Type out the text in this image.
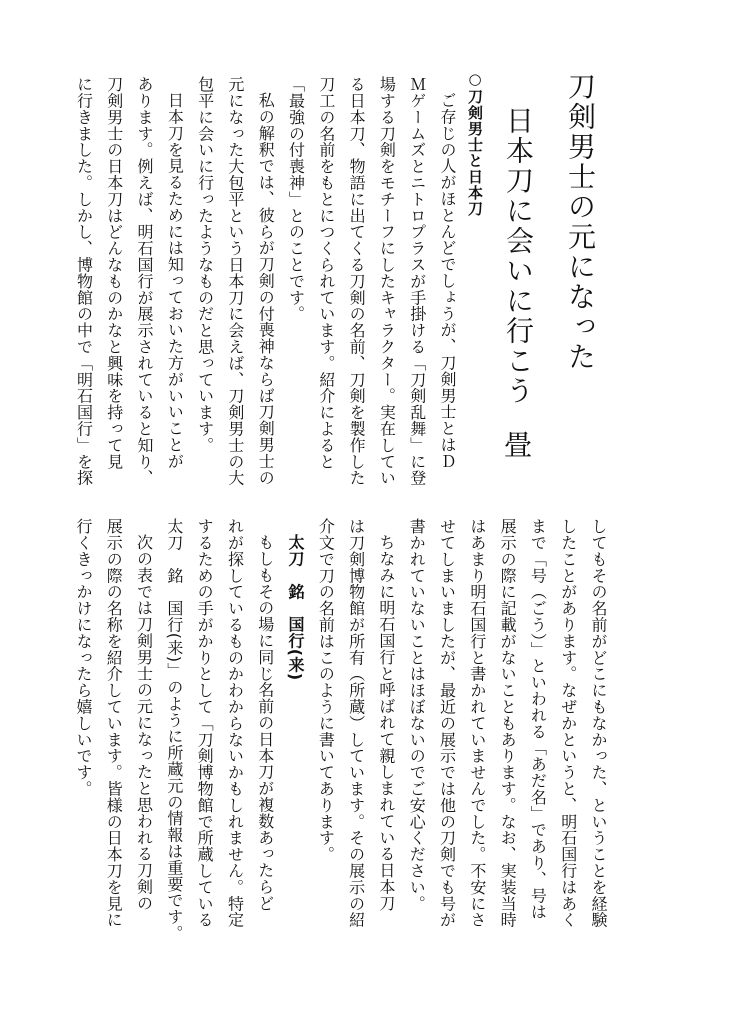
刀剣男士の元になった
日本刀に会いに行こう
畳
○刀剣男士と日本刀
ご存じの人がほとんどでしょうが、刀剣男士とはＤ
Ｍゲームズとニトロプラスが手掛ける「刀剣乱舞」に登
場する刀剣をモチーフにしたキャラクター。実在してい
る日本刀、物語に出てくる刀剣の名前、刀剣を製作した
刀工の名前をもとにつくられています。紹介によると
「最強の付喪神」とのことです。
私の解釈では、彼らが刀剣の付喪神ならば刀剣男士の
元になった大包平という日本刀に会えば、刀剣男士の大
包平に会いに行ったようなものだと思っています。
日本刀を見るためには知っておいた方がいいことが
あります。例えば、明石国行が展示されていると知り、
刀剣男士の日本刀はどんなものかなと興味を持って見
に行きました。しかし、博物館の中で「明石国行」を探
してもその名前がどこにもなかった、ということを経験
したことがあります。なぜかというと、明石国行はあく
まで「号（ごう）」といわれる「あだ名」であり、号は
展示の際に記載がないこともあります。なお、実装当時
はあまり明石国行と書かれていませんでした。不安にさ
せてしまいましたが、最近の展示では他の刀剣でも号が
書かれていないことはほぼないのでご安心ください。
ちなみに明石国行と呼ばれて親しまれている日本刀
は刀剣博物館が所有（所蔵）しています。その展示の紹
介文で刀の名前はこのように書いてあります。
太刀　銘　国行(来)
もしもその場に同じ名前の日本刀が複数あったらど
れが探しているものかわからないかもしれません。特定
するための手がかりとして「刀剣博物館で所蔵している
太刀　銘　国行(来)」のように所蔵元の情報は重要です。
次の表では刀剣男士の元になったと思われる刀剣の
展示の際の名称を紹介しています。皆様の日本刀を見に
行くきっかけになったら嬉しいです。
